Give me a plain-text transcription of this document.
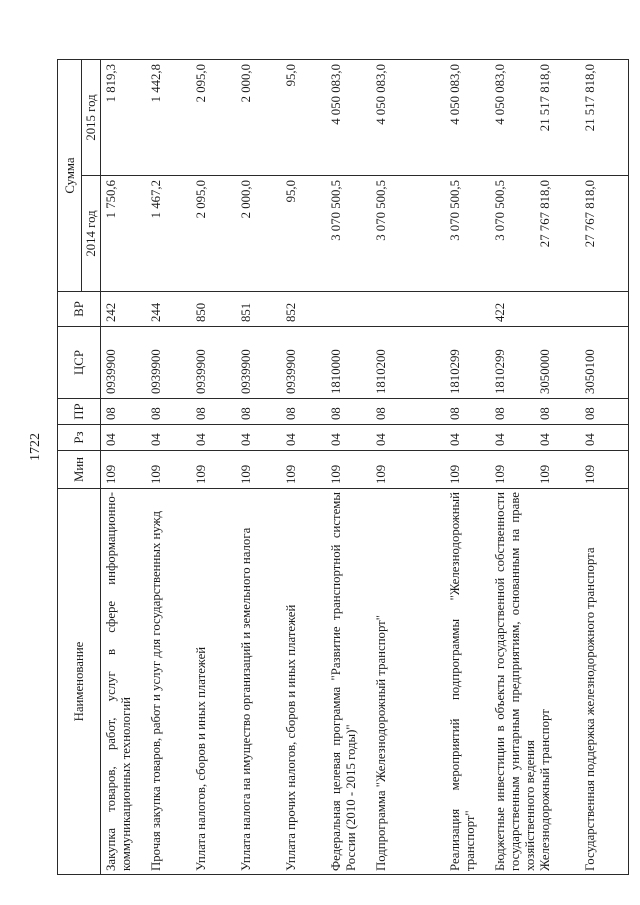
1722
Наименование	Мин	Рз	ПР	ЦСР	ВР	Сумма	
						2014 год	2015 год
Закупка товаров, работ, услуг в сфере информационно-коммуникационных технологий	109	04	08	0939900	242	1 750,6	1 819,3
Прочая закупка товаров, работ и услуг для государственных нужд	109	04	08	0939900	244	1 467,2	1 442,8
Уплата налогов, сборов и иных платежей	109	04	08	0939900	850	2 095,0	2 095,0
Уплата налога на имущество организаций и земельного налога	109	04	08	0939900	851	2 000,0	2 000,0
Уплата прочих налогов, сборов и иных платежей	109	04	08	0939900	852	95,0	95,0
Федеральная целевая программа "Развитие транспортной системы России (2010 - 2015 годы)"	109	04	08	1810000		3 070 500,5	4 050 083,0
Подпрограмма "Железнодорожный транспорт"	109	04	08	1810200		3 070 500,5	4 050 083,0
Реализация мероприятий подпрограммы "Железнодорожный транспорт"	109	04	08	1810299		3 070 500,5	4 050 083,0
Бюджетные инвестиции в объекты государственной собственности государственным унитарным предприятиям, основанным на праве хозяйственного ведения	109	04	08	1810299	422	3 070 500,5	4 050 083,0
Железнодорожный транспорт	109	04	08	3050000		27 767 818,0	21 517 818,0
Государственная поддержка железнодорожного транспорта	109	04	08	3050100		27 767 818,0	21 517 818,0
